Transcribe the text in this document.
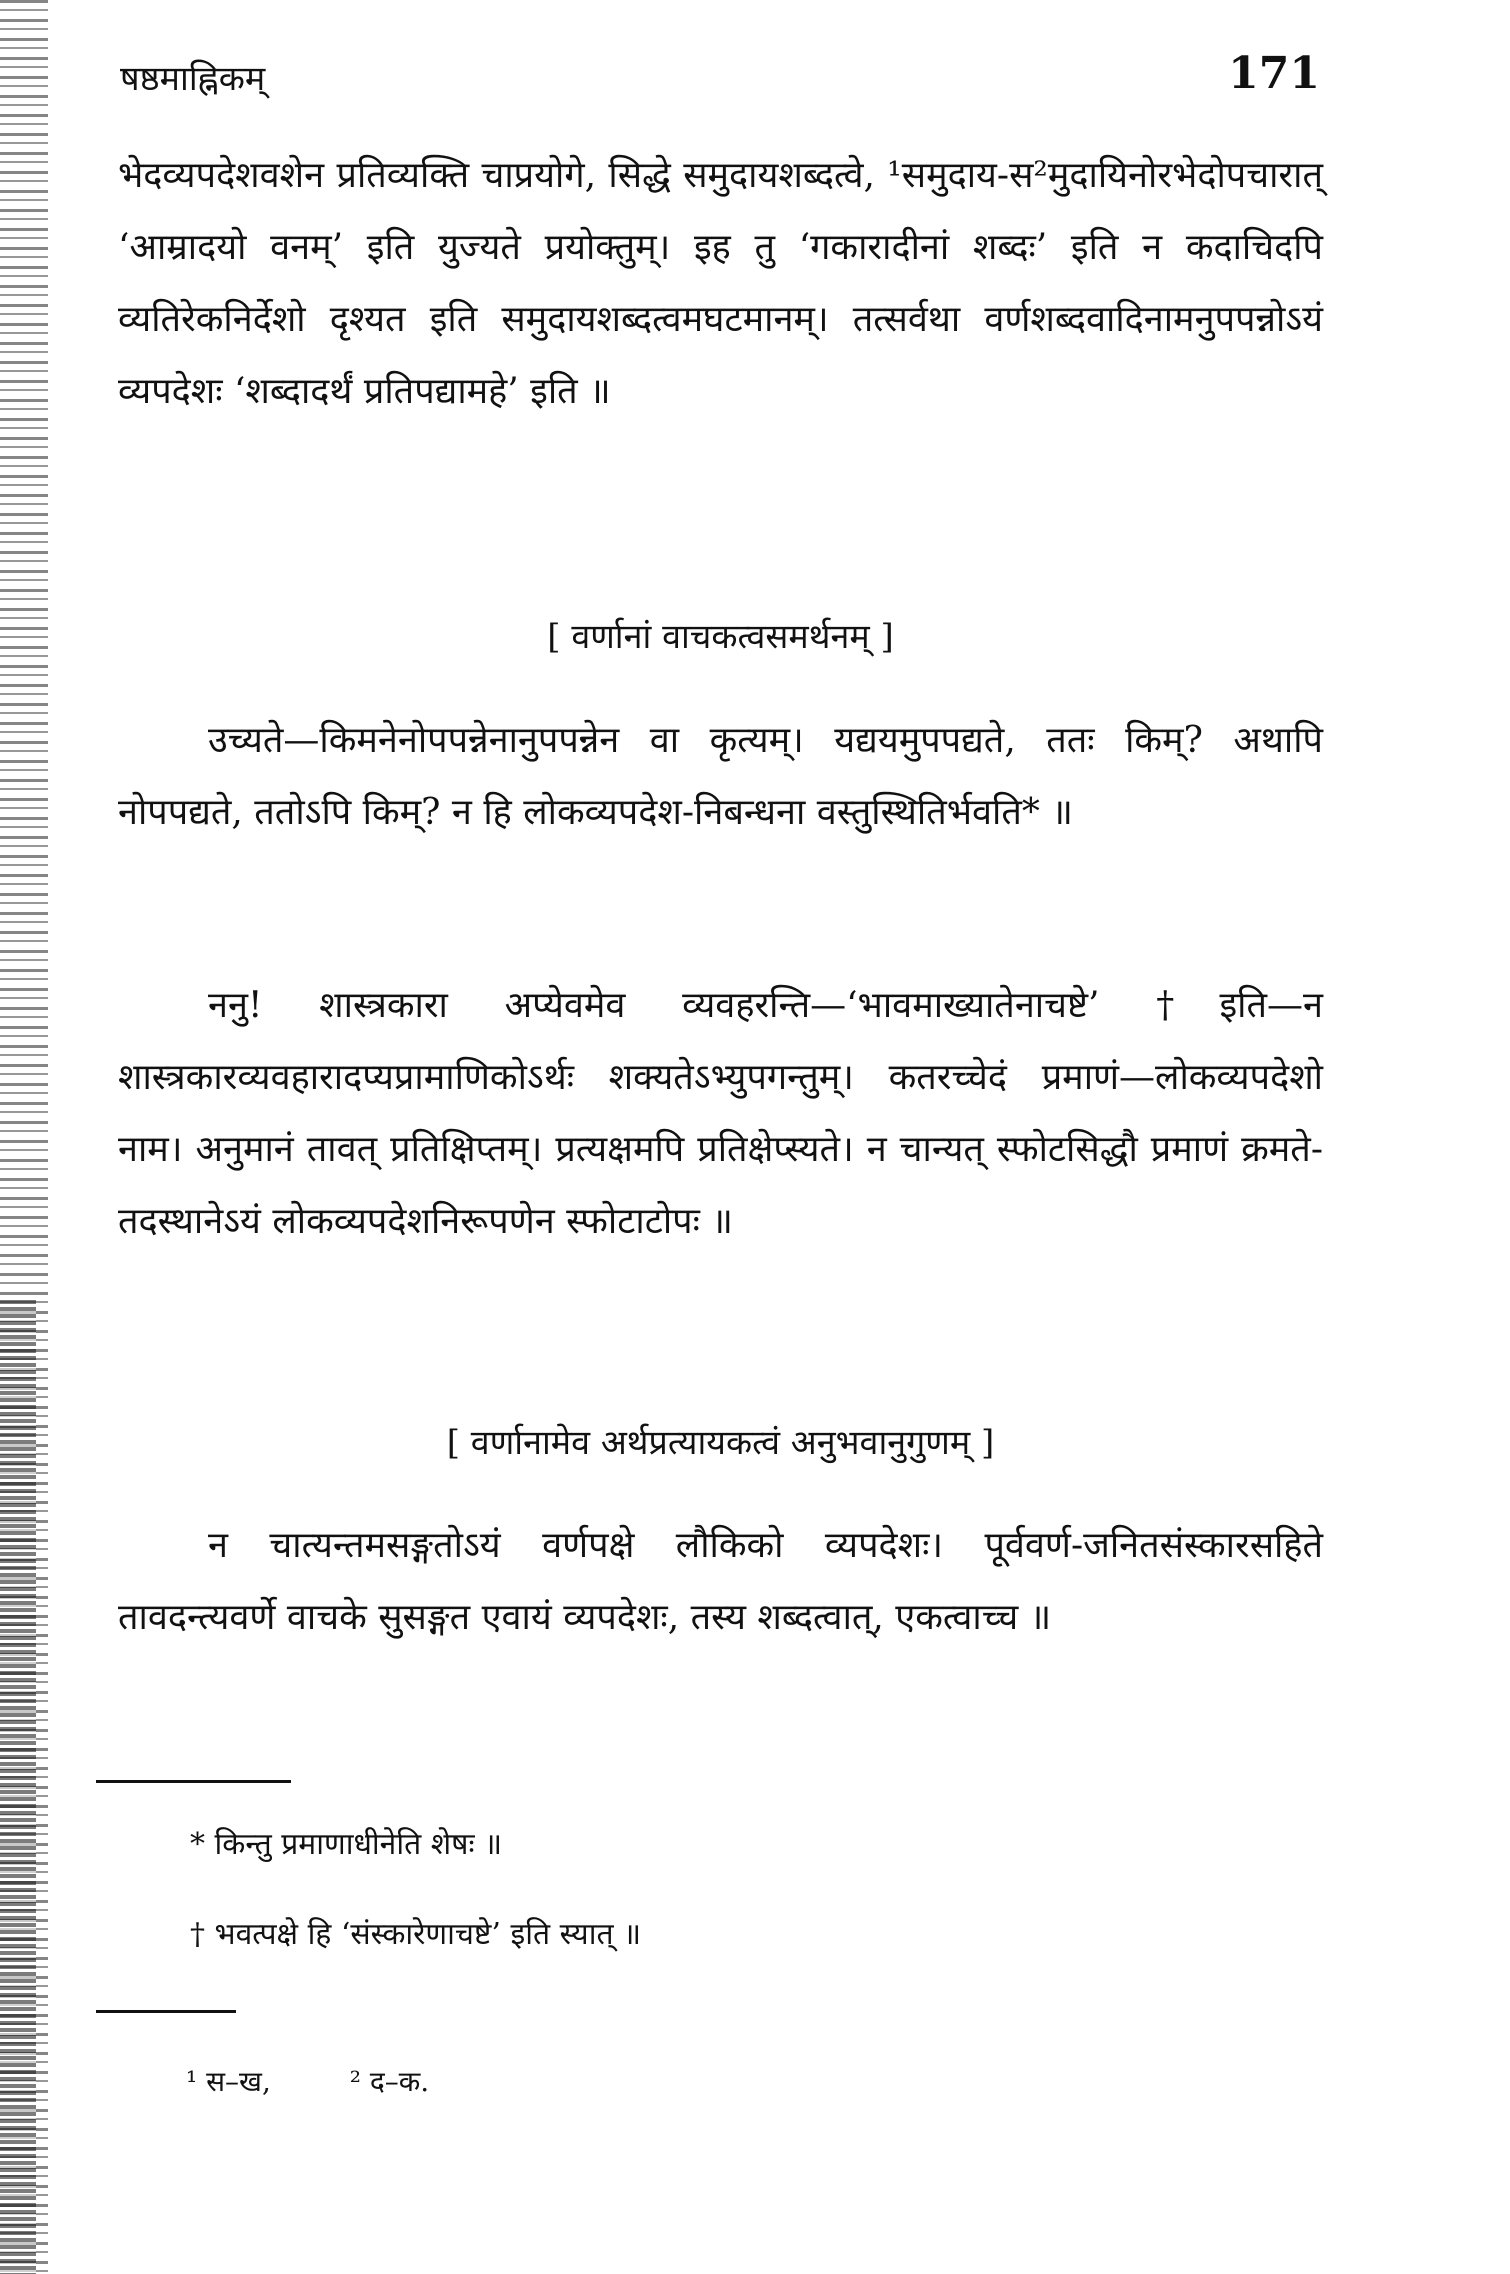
षष्ठमाह्निकम्	171

भेदव्यपदेशवशेन प्रतिव्यक्ति चाप्रयोगे, सिद्धे समुदायशब्दत्वे, ¹समुदाय-स²मुदायिनोरभेदोपचारात् ‘आम्रादयो वनम्’ इति युज्यते प्रयोक्तुम्। इह तु ‘गकारादीनां शब्दः’ इति न कदाचिदपि व्यतिरेकनिर्देशो दृश्यत इति समुदायशब्दत्वमघटमानम्। तत्सर्वथा वर्णशब्दवादिनामनुपपन्नोऽयं व्यपदेशः ‘शब्दादर्थं प्रतिपद्यामहे’ इति ॥

[ वर्णानां वाचकत्वसमर्थनम् ]

उच्यते—किमनेनोपपन्नेनानुपपन्नेन वा कृत्यम्। यद्ययमुपपद्यते, ततः किम्? अथापि नोपपद्यते, ततोऽपि किम्? न हि लोकव्यपदेश-निबन्धना वस्तुस्थितिर्भवति* ॥

ननु! शास्त्रकारा अप्येवमेव व्यवहरन्ति—‘भावमाख्यातेनाचष्टे’ †इति—न शास्त्रकारव्यवहारादप्यप्रामाणिकोऽर्थः शक्यतेऽभ्युपगन्तुम्। कतरच्चेदं प्रमाणं—लोकव्यपदेशो नाम। अनुमानं तावत् प्रतिक्षिप्तम्। प्रत्यक्षमपि प्रतिक्षेप्स्यते। न चान्यत् स्फोटसिद्धौ प्रमाणं क्रमते-तदस्थानेऽयं लोकव्यपदेशनिरूपणेन स्फोटाटोपः ॥

[ वर्णानामेव अर्थप्रत्यायकत्वं अनुभवानुगुणम् ]

न चात्यन्तमसङ्गतोऽयं वर्णपक्षे लौकिको व्यपदेशः। पूर्ववर्ण-जनितसंस्कारसहिते तावदन्त्यवर्णे वाचके सुसङ्गत एवायं व्यपदेशः, तस्य शब्दत्वात्, एकत्वाच्च ॥

* किन्तु प्रमाणाधीनेति शेषः ॥

† भवत्पक्षे हि ‘संस्कारेणाचष्टे’ इति स्यात् ॥

¹ स–ख,	² द–क.
